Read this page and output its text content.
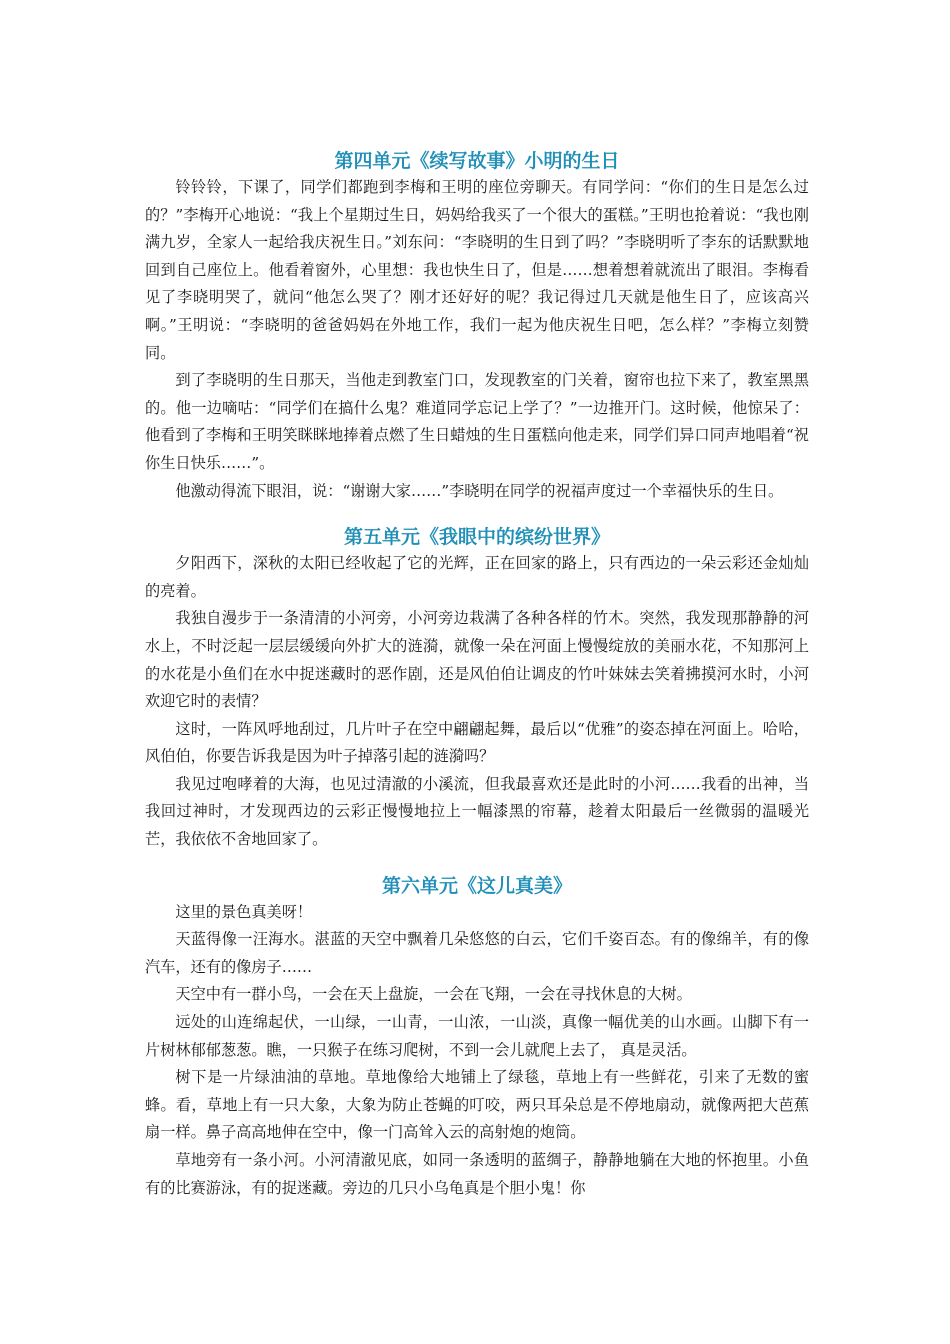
第四单元《续写故事》小明的生日

铃铃铃，下课了，同学们都跑到李梅和王明的座位旁聊天。有同学问：“你们的生日是怎么过的？”李梅开心地说：“我上个星期过生日，妈妈给我买了一个很大的蛋糕。”王明也抢着说：“我也刚满九岁，全家人一起给我庆祝生日。”刘东问：“李晓明的生日到了吗？”李晓明听了李东的话默默地回到自己座位上。他看着窗外，心里想：我也快生日了，但是……想着想着就流出了眼泪。李梅看见了李晓明哭了，就问“他怎么哭了？刚才还好好的呢？我记得过几天就是他生日了，应该高兴啊。”王明说：“李晓明的爸爸妈妈在外地工作，我们一起为他庆祝生日吧，怎么样？”李梅立刻赞同。

到了李晓明的生日那天，当他走到教室门口，发现教室的门关着，窗帘也拉下来了，教室黑黑的。他一边嘀咕：“同学们在搞什么鬼？难道同学忘记上学了？”一边推开门。这时候，他惊呆了：他看到了李梅和王明笑眯眯地捧着点燃了生日蜡烛的生日蛋糕向他走来，同学们异口同声地唱着“祝你生日快乐……”。

他激动得流下眼泪，说：“谢谢大家……”李晓明在同学的祝福声度过一个幸福快乐的生日。

第五单元《我眼中的缤纷世界》

夕阳西下，深秋的太阳已经收起了它的光辉，正在回家的路上，只有西边的一朵云彩还金灿灿的亮着。

我独自漫步于一条清清的小河旁，小河旁边栽满了各种各样的竹木。突然，我发现那静静的河水上，不时泛起一层层缓缓向外扩大的涟漪，就像一朵在河面上慢慢绽放的美丽水花，不知那河上的水花是小鱼们在水中捉迷藏时的恶作剧，还是风伯伯让调皮的竹叶妹妹去笑着拂摸河水时，小河欢迎它时的表情？

这时，一阵风呼地刮过，几片叶子在空中翩翩起舞，最后以“优雅”的姿态掉在河面上。哈哈，风伯伯，你要告诉我是因为叶子掉落引起的涟漪吗？

我见过咆哮着的大海，也见过清澈的小溪流，但我最喜欢还是此时的小河……我看的出神，当我回过神时，才发现西边的云彩正慢慢地拉上一幅漆黑的帘幕，趁着太阳最后一丝微弱的温暖光芒，我依依不舍地回家了。

第六单元《这儿真美》

这里的景色真美呀！

天蓝得像一汪海水。湛蓝的天空中飘着几朵悠悠的白云，它们千姿百态。有的像绵羊，有的像汽车，还有的像房子……

天空中有一群小鸟，一会在天上盘旋，一会在飞翔，一会在寻找休息的大树。

远处的山连绵起伏，一山绿，一山青，一山浓，一山淡，真像一幅优美的山水画。山脚下有一片树林郁郁葱葱。瞧，一只猴子在练习爬树，不到一会儿就爬上去了， 真是灵活。

树下是一片绿油油的草地。草地像给大地铺上了绿毯，草地上有一些鲜花，引来了无数的蜜蜂。看，草地上有一只大象，大象为防止苍蝇的叮咬，两只耳朵总是不停地扇动，就像两把大芭蕉扇一样。鼻子高高地伸在空中，像一门高耸入云的高射炮的炮筒。

草地旁有一条小河。小河清澈见底，如同一条透明的蓝绸子，静静地躺在大地的怀抱里。小鱼有的比赛游泳，有的捉迷藏。旁边的几只小乌龟真是个胆小鬼！你
